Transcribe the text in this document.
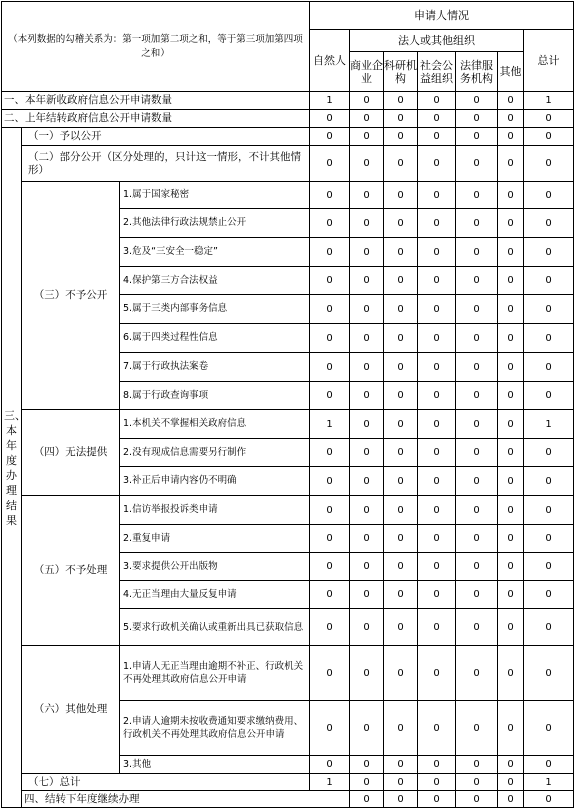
（本列数据的勾稽关系为：第一项加第二项之和，等于第三项加第四项之和）			申请人情况							
			自然人	法人或其他组织					总计	
				商业企业	科研机构	社会公益组织	法律服务机构	其他		
一、本年新收政府信息公开申请数量			1	0	0	0	0	0	1	
二、上年结转政府信息公开申请数量			0	0	0	0	0	0	0	
三、本年度办理结果	（一）予以公开		0	0	0	0	0	0	0	
	（二）部分公开（区分处理的，只计这一情形，不计其他情形）		0	0	0	0	0	0	0	
	（三）不予公开	1.属于国家秘密	0	0	0	0	0	0	0	
		2.其他法律行政法规禁止公开	0	0	0	0	0	0	0	
		3.危及“三安全一稳定”	0	0	0	0	0	0	0	
		4.保护第三方合法权益	0	0	0	0	0	0	0	
		5.属于三类内部事务信息	0	0	0	0	0	0	0	
		6.属于四类过程性信息	0	0	0	0	0	0	0	
		7.属于行政执法案卷	0	0	0	0	0	0	0	
		8.属于行政查询事项	0	0	0	0	0	0	0	
	（四）无法提供	1.本机关不掌握相关政府信息	1	0	0	0	0	0	1	
		2.没有现成信息需要另行制作	0	0	0	0	0	0	0	
		3.补正后申请内容仍不明确	0	0	0	0	0	0	0	
	（五）不予处理	1.信访举报投诉类申请	0	0	0	0	0	0	0	
		2.重复申请	0	0	0	0	0	0	0	
		3.要求提供公开出版物	0	0	0	0	0	0	0	
		4.无正当理由大量反复申请	0	0	0	0	0	0	0	
		5.要求行政机关确认或重新出具已获取信息	0	0	0	0	0	0	0	
	（六）其他处理	1.申请人无正当理由逾期不补正、行政机关不再处理其政府信息公开申请	0	0	0	0	0	0	0	
		2.申请人逾期未按收费通知要求缴纳费用、行政机关不再处理其政府信息公开申请	0	0	0	0	0	0	0	
		3.其他	0	0	0	0	0	0	0	
	（七）总计		1	0	0	0	0	0	1	
	四、结转下年度继续办理			0	0	0	0	0	0	
